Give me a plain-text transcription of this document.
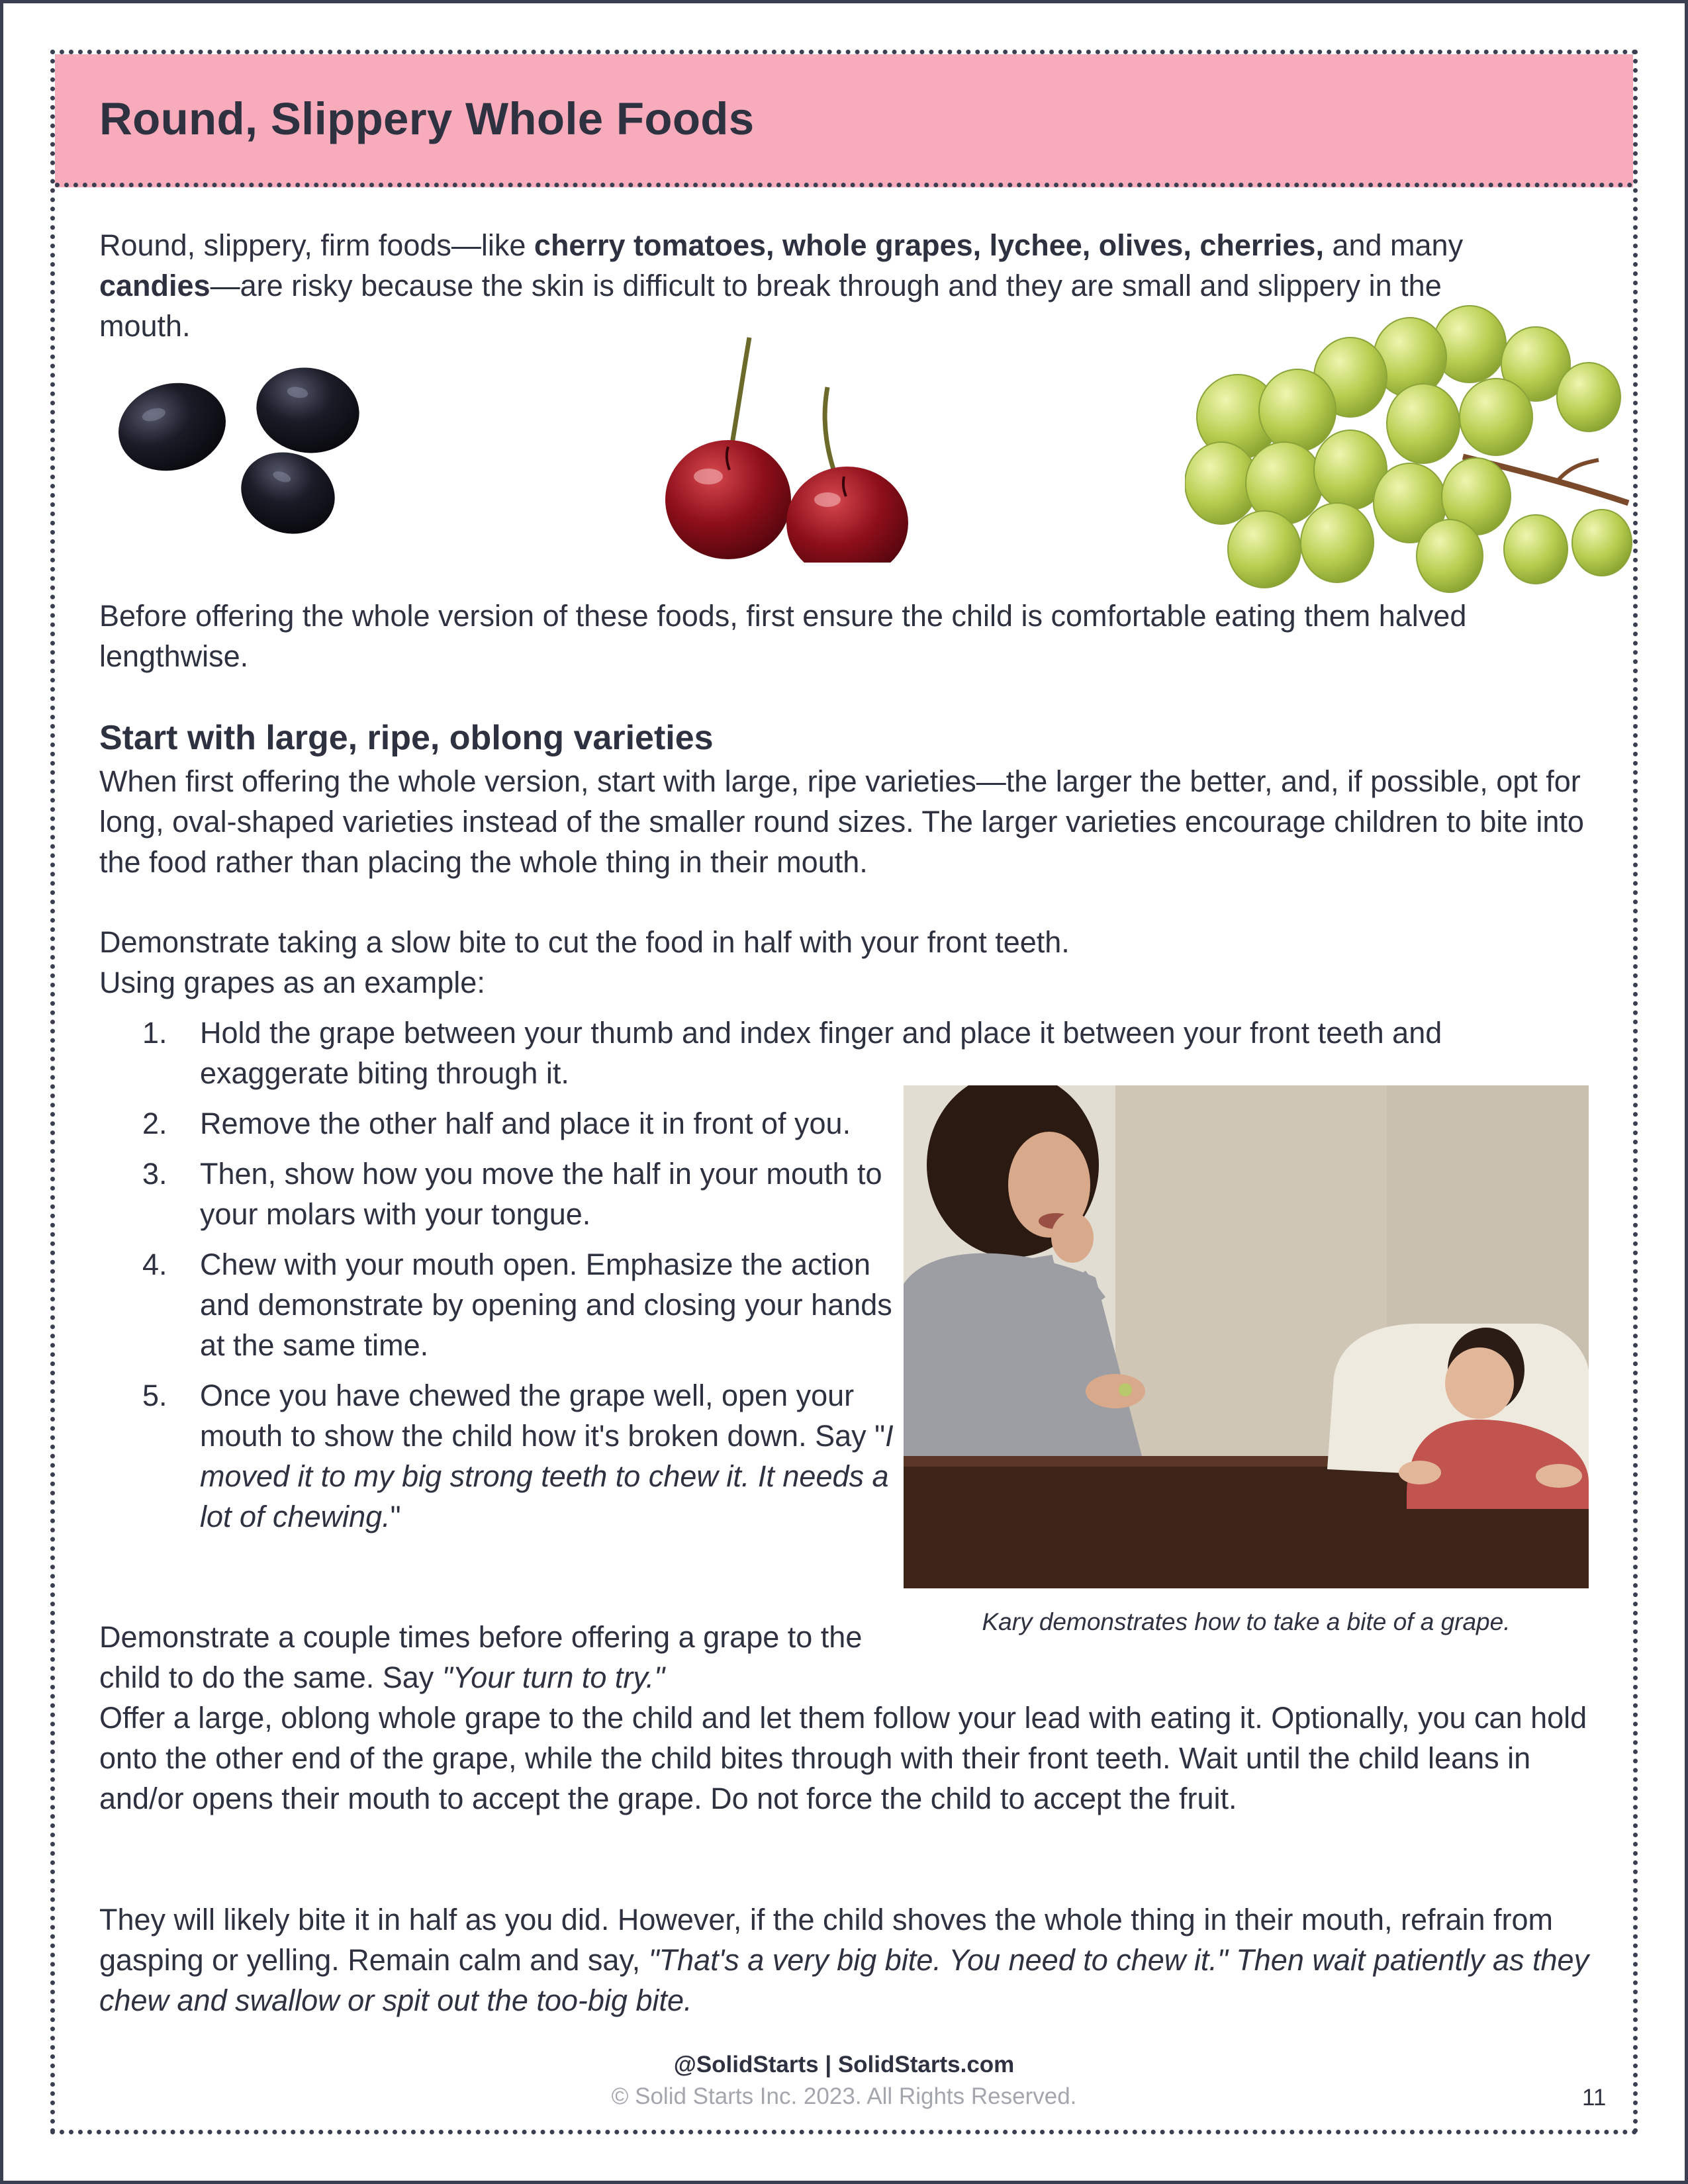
Round, Slippery Whole Foods

Round, slippery, firm foods—like cherry tomatoes, whole grapes, lychee, olives, cherries, and many candies—are risky because the skin is difficult to break through and they are small and slippery in the mouth.

Before offering the whole version of these foods, first ensure the child is comfortable eating them halved lengthwise.

Start with large, ripe, oblong varieties

When first offering the whole version, start with large, ripe varieties—the larger the better, and, if possible, opt for long, oval-shaped varieties instead of the smaller round sizes. The larger varieties encourage children to bite into the food rather than placing the whole thing in their mouth.

Demonstrate taking a slow bite to cut the food in half with your front teeth.
Using grapes as an example:

1. Hold the grape between your thumb and index finger and place it between your front teeth and exaggerate biting through it.
2. Remove the other half and place it in front of you.
3. Then, show how you move the half in your mouth to your molars with your tongue.
4. Chew with your mouth open. Emphasize the action and demonstrate by opening and closing your hands at the same time.
5. Once you have chewed the grape well, open your mouth to show the child how it's broken down. Say "I moved it to my big strong teeth to chew it. It needs a lot of chewing."

Kary demonstrates how to take a bite of a grape.

Demonstrate a couple times before offering a grape to the child to do the same. Say "Your turn to try."

Offer a large, oblong whole grape to the child and let them follow your lead with eating it. Optionally, you can hold onto the other end of the grape, while the child bites through with their front teeth. Wait until the child leans in and/or opens their mouth to accept the grape. Do not force the child to accept the fruit.

They will likely bite it in half as you did. However, if the child shoves the whole thing in their mouth, refrain from gasping or yelling. Remain calm and say, "That's a very big bite. You need to chew it." Then wait patiently as they chew and swallow or spit out the too-big bite.

@SolidStarts | SolidStarts.com

© Solid Starts Inc. 2023. All Rights Reserved.	11
